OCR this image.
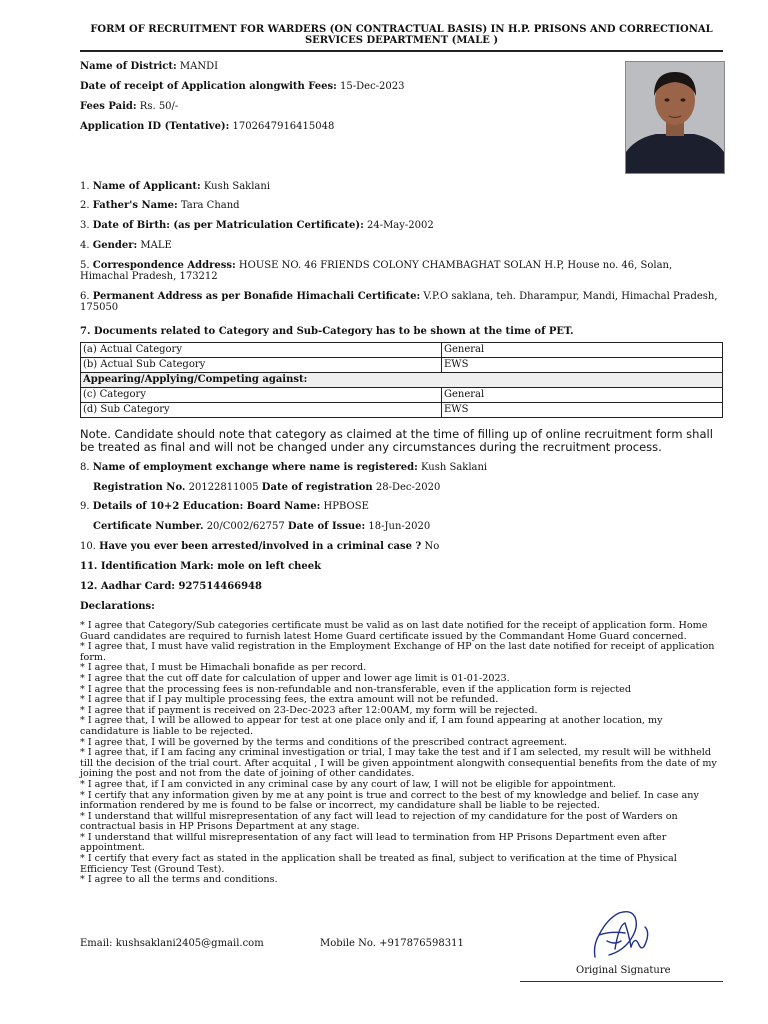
FORM OF RECRUITMENT FOR WARDERS (ON CONTRACTUAL BASIS) IN H.P. PRISONS AND CORRECTIONAL SERVICES DEPARTMENT (MALE )
Name of District: MANDI
Date of receipt of Application alongwith Fees: 15-Dec-2023
Fees Paid: Rs. 50/-
Application ID (Tentative): 1702647916415048
1. Name of Applicant: Kush Saklani
2. Father's Name: Tara Chand
3. Date of Birth: (as per Matriculation Certificate): 24-May-2002
4. Gender: MALE
5. Correspondence Address: HOUSE NO. 46 FRIENDS COLONY CHAMBAGHAT SOLAN H.P, House no. 46, Solan, Himachal Pradesh, 173212
6. Permanent Address as per Bonafide Himachali Certificate: V.P.O saklana, teh. Dharampur, Mandi, Himachal Pradesh, 175050
7. Documents related to Category and Sub-Category has to be shown at the time of PET.
(a) Actual Category	General
(b) Actual Sub Category	EWS
Appearing/Applying/Competing against:	
(c) Category	General
(d) Sub Category	EWS
Note. Candidate should note that category as claimed at the time of filling up of online recruitment form shall be treated as final and will not be changed under any circumstances during the recruitment process.
8. Name of employment exchange where name is registered: Kush Saklani
Registration No. 20122811005 Date of registration 28-Dec-2020
9. Details of 10+2 Education: Board Name: HPBOSE
Certificate Number. 20/C002/62757 Date of Issue: 18-Jun-2020
10. Have you ever been arrested/involved in a criminal case ? No
11. Identification Mark: mole on left cheek
12. Aadhar Card: 927514466948
Declarations:
* I agree that Category/Sub categories certificate must be valid as on last date notified for the receipt of application form. Home Guard candidates are required to furnish latest Home Guard certificate issued by the Commandant Home Guard concerned.
* I agree that, I must have valid registration in the Employment Exchange of HP on the last date notified for receipt of application form.
* I agree that, I must be Himachali bonafide as per record.
* I agree that the cut off date for calculation of upper and lower age limit is 01-01-2023.
* I agree that the processing fees is non-refundable and non-transferable, even if the application form is rejected
* I agree that if I pay multiple processing fees, the extra amount will not be refunded.
* I agree that if payment is received on 23-Dec-2023 after 12:00AM, my form will be rejected.
* I agree that, I will be allowed to appear for test at one place only and if, I am found appearing at another location, my candidature is liable to be rejected.
* I agree that, I will be governed by the terms and conditions of the prescribed contract agreement.
* I agree that, if I am facing any criminal investigation or trial, I may take the test and if I am selected, my result will be withheld till the decision of the trial court. After acquital , I will be given appointment alongwith consequential benefits from the date of my joining the post and not from the date of joining of other candidates.
* I agree that, if I am convicted in any criminal case by any court of law, I will not be eligible for appointment.
* I certify that any information given by me at any point is true and correct to the best of my knowledge and belief. In case any information rendered by me is found to be false or incorrect, my candidature shall be liable to be rejected.
* I understand that willful misrepresentation of any fact will lead to rejection of my candidature for the post of Warders on contractual basis in HP Prisons Department at any stage.
* I understand that willful misrepresentation of any fact will lead to termination from HP Prisons Department even after appointment.
* I certify that every fact as stated in the application shall be treated as final, subject to verification at the time of Physical Efficiency Test (Ground Test).
* I agree to all the terms and conditions.
Email: kushsaklani2405@gmail.com	Mobile No. +917876598311
Original Signature
